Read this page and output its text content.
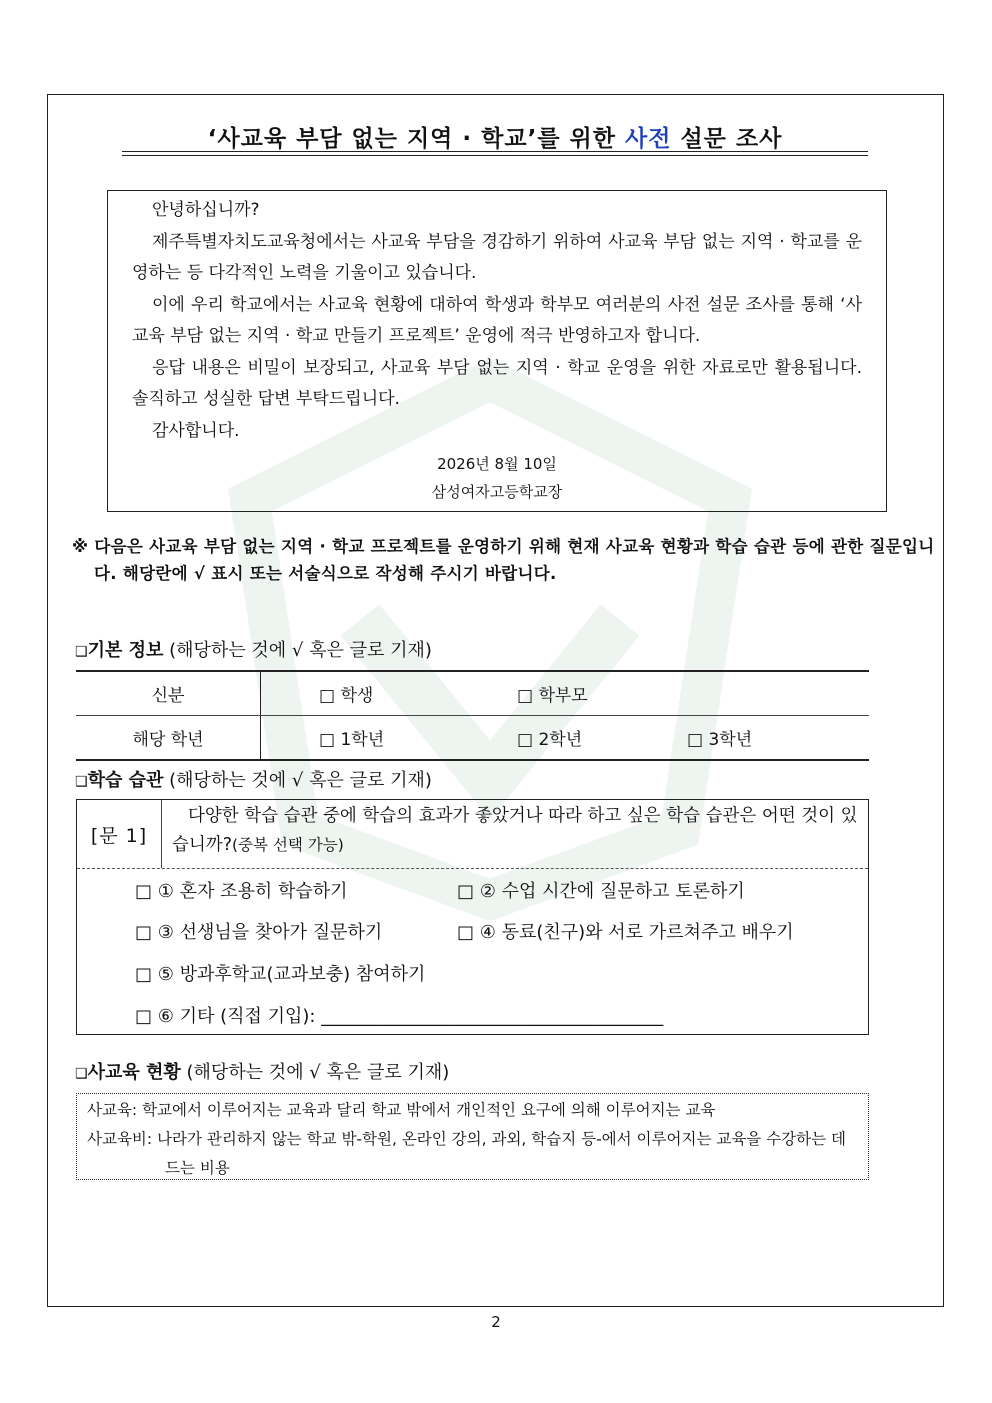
‘사교육 부담 없는 지역 · 학교’를 위한 사전 설문 조사

안녕하십니까?

제주특별자치도교육청에서는 사교육 부담을 경감하기 위하여 사교육 부담 없는 지역 · 학교를 운영하는 등 다각적인 노력을 기울이고 있습니다.

이에 우리 학교에서는 사교육 현황에 대하여 학생과 학부모 여러분의 사전 설문 조사를 통해 ‘사교육 부담 없는 지역 · 학교 만들기 프로젝트’ 운영에 적극 반영하고자 합니다.

응답 내용은 비밀이 보장되고, 사교육 부담 없는 지역 · 학교 운영을 위한 자료로만 활용됩니다. 솔직하고 성실한 답변 부탁드립니다.

감사합니다.

2026년 8월 10일

삼성여자고등학교장

※ 다음은 사교육 부담 없는 지역 · 학교 프로젝트를 운영하기 위해 현재 사교육 현황과 학습 습관 등에 관한 질문입니다. 해당란에 √ 표시 또는 서술식으로 작성해 주시기 바랍니다.
❑기본 정보 (해당하는 것에 √ 혹은 글로 기재)
신분	□ 학생 □ 학부모
해당 학년	□ 1학년 □ 2학년 □ 3학년
❑학습 습관 (해당하는 것에 √ 혹은 글로 기재)
[문 1]
다양한 학습 습관 중에 학습의 효과가 좋았거나 따라 하고 싶은 학습 습관은 어떤 것이 있습니까?(중복 선택 가능)
□ ① 혼자 조용히 학습하기	□ ② 수업 시간에 질문하고 토론하기
□ ③ 선생님을 찾아가 질문하기	□ ④ 동료(친구)와 서로 가르쳐주고 배우기
□ ⑤ 방과후학교(교과보충) 참여하기
□ ⑥ 기타 (직접 기입): ______________________________________
❑사교육 현황 (해당하는 것에 √ 혹은 글로 기재)
사교육: 학교에서 이루어지는 교육과 달리 학교 밖에서 개인적인 요구에 의해 이루어지는 교육
사교육비: 나라가 관리하지 않는 학교 밖-학원, 온라인 강의, 과외, 학습지 등-에서 이루어지는 교육을 수강하는 데 드는 비용
2
